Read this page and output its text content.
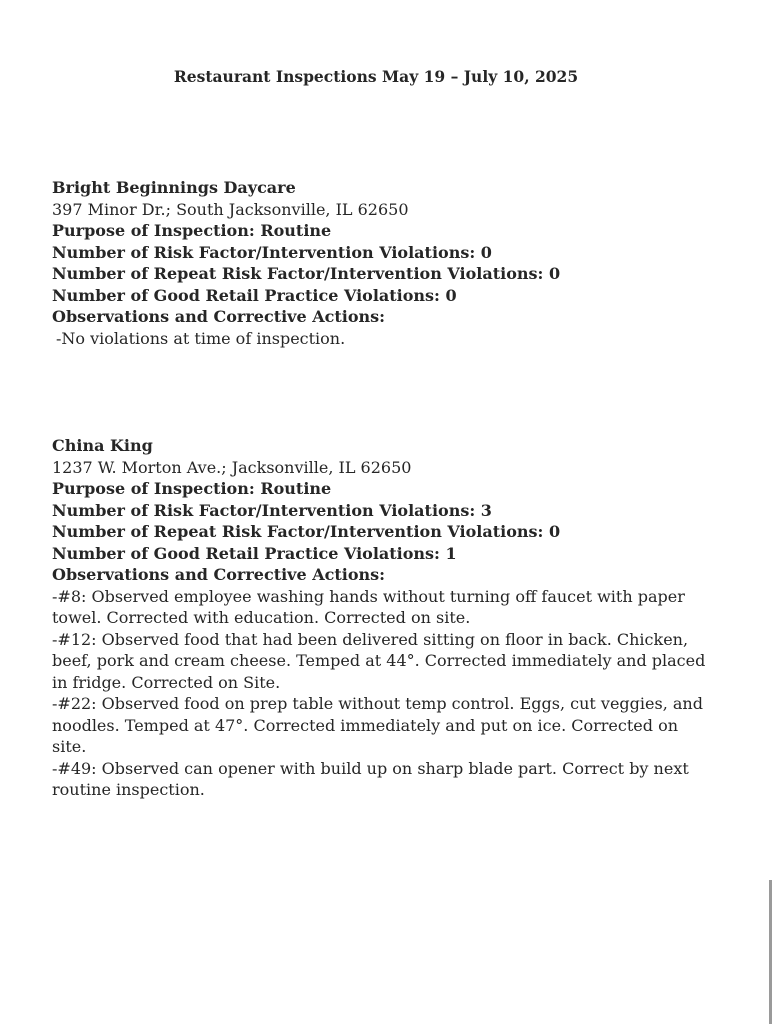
Restaurant Inspections May 19 – July 10, 2025
Bright Beginnings Daycare
397 Minor Dr.; South Jacksonville, IL 62650
Purpose of Inspection: Routine
Number of Risk Factor/Intervention Violations: 0
Number of Repeat Risk Factor/Intervention Violations: 0
Number of Good Retail Practice Violations: 0
Observations and Corrective Actions:
-No violations at time of inspection.
China King
1237 W. Morton Ave.; Jacksonville, IL 62650
Purpose of Inspection: Routine
Number of Risk Factor/Intervention Violations: 3
Number of Repeat Risk Factor/Intervention Violations: 0
Number of Good Retail Practice Violations: 1
Observations and Corrective Actions:
-#8: Observed employee washing hands without turning off faucet with paper towel. Corrected with education. Corrected on site.
-#12: Observed food that had been delivered sitting on floor in back. Chicken, beef, pork and cream cheese. Temped at 44°. Corrected immediately and placed in fridge. Corrected on Site.
-#22: Observed food on prep table without temp control. Eggs, cut veggies, and noodles. Temped at 47°. Corrected immediately and put on ice. Corrected on site.
-#49: Observed can opener with build up on sharp blade part. Correct by next routine inspection.
